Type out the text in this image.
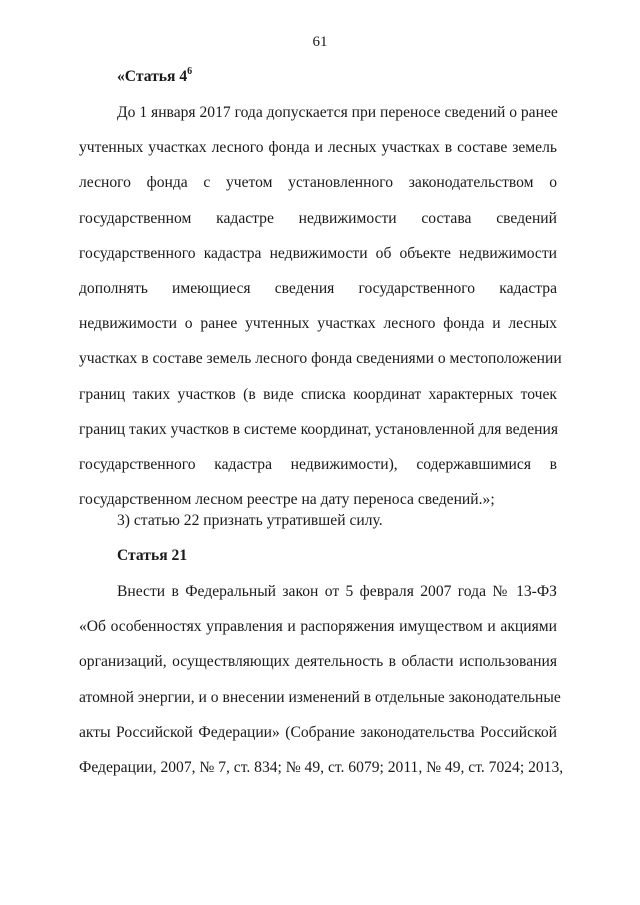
61
«Статья $4^6$
До 1 января 2017 года допускается при переносе сведений о ранее
учтенных участках лесного фонда и лесных участках в составе земель
лесного фонда с учетом установленного законодательством о
государственном кадастре недвижимости состава сведений
государственного кадастра недвижимости об объекте недвижимости
дополнять имеющиеся сведения государственного кадастра
недвижимости о ранее учтенных участках лесного фонда и лесных
участках в составе земель лесного фонда сведениями о местоположении
границ таких участков (в виде списка координат характерных точек
границ таких участков в системе координат, установленной для ведения
государственного кадастра недвижимости), содержавшимися в
государственном лесном реестре на дату переноса сведений.»;
3) статью 22 признать утратившей силу.
Статья 21
Внести в Федеральный закон от 5 февраля 2007 года № 13-ФЗ
«Об особенностях управления и распоряжения имуществом и акциями
организаций, осуществляющих деятельность в области использования
атомной энергии, и о внесении изменений в отдельные законодательные
акты Российской Федерации» (Собрание законодательства Российской
Федерации, 2007, № 7, ст. 834; № 49, ст. 6079; 2011, № 49, ст. 7024; 2013,
